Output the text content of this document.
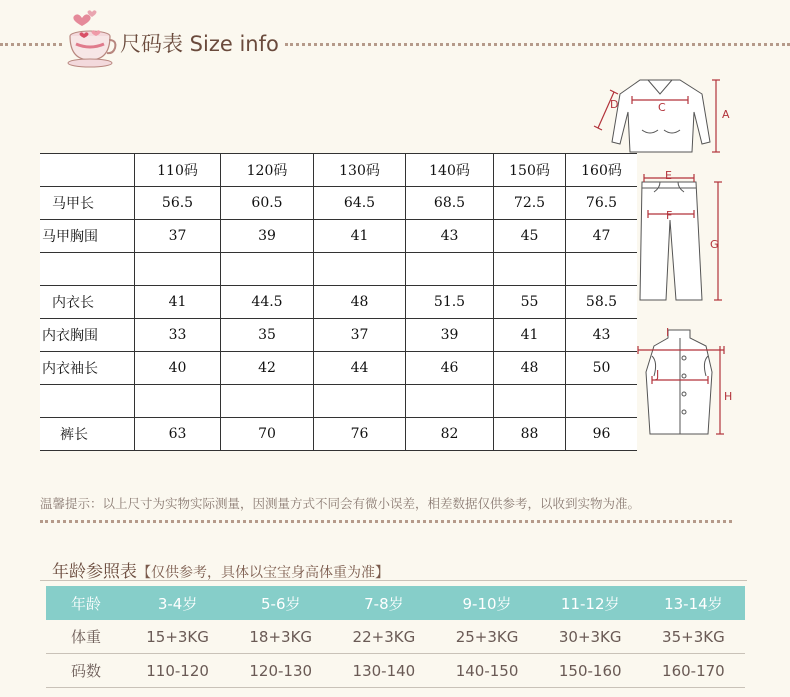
尺码表 Size info
	110码	120码	130码	140码	150码	160码
马甲长	56.5	60.5	64.5	68.5	72.5	76.5
马甲胸围	37	39	41	43	45	47

内衣长	41	44.5	48	51.5	55	58.5
内衣胸围	33	35	37	39	41	43
内衣袖长	40	42	44	46	48	50

裤长	63	70	76	82	88	96
A
C
D
E
F
G
I
J
H
温馨提示：以上尺寸为实物实际测量，因测量方式不同会有微小误差，相差数据仅供参考，以收到实物为准。
年龄参照表【仅供参考，具体以宝宝身高体重为准】
年龄	3-4岁	5-6岁	7-8岁	9-10岁	11-12岁	13-14岁
体重	15+3KG	18+3KG	22+3KG	25+3KG	30+3KG	35+3KG
码数	110-120	120-130	130-140	140-150	150-160	160-170
